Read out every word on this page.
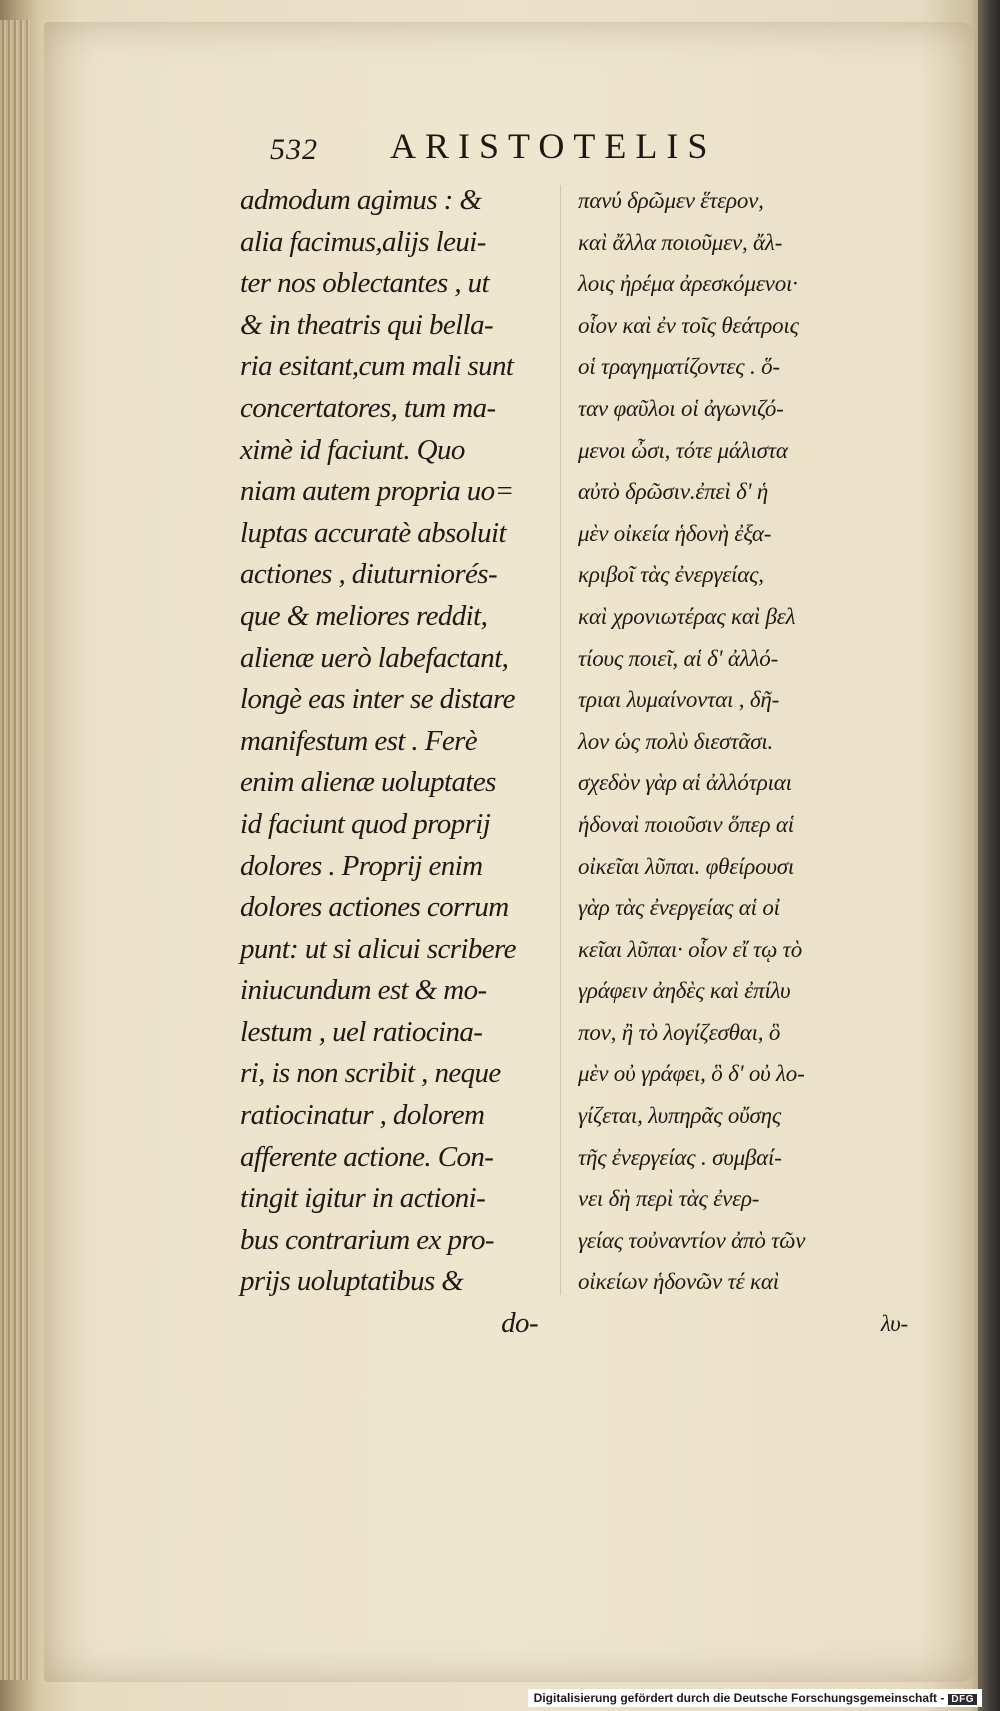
532 ARISTOTELIS
admodum agimus : &
alia facimus,alijs leui-
ter nos oblectantes , ut
& in theatris qui bella-
ria esitant,cum mali sunt
concertatores, tum ma-
ximè id faciunt. Quo
niam autem propria uo=
luptas accuratè absoluit
actiones , diuturniorés-
que & meliores reddit,
alienæ uerò labefactant,
longè eas inter se distare
manifestum est . Ferè
enim alienæ uoluptates
id faciunt quod proprij
dolores . Proprij enim
dolores actiones corrum
punt: ut si alicui scribere
iniucundum est & mo-
lestum , uel ratiocina-
ri, is non scribit , neque
ratiocinatur , dolorem
afferente actione. Con-
tingit igitur in actioni-
bus contrarium ex pro-
prijs uoluptatibus &
do-
πανύ δρῶμεν ἕτερον,
καὶ ἄλλα ποιοῦμεν, ἄλ-
λοις ἠρέμα ἀρεσκόμενοι·
οἷον καὶ ἐν τοῖς θεάτροις
οἱ τραγηματίζοντες . ὅ-
ταν φαῦλοι οἱ ἀγωνιζό-
μενοι ὦσι, τότε μάλιστα
αὐτὸ δρῶσιν.ἐπεὶ δ' ἡ
μὲν οἰκεία ἡδονὴ ἐξα-
κριβοῖ τὰς ἐνεργείας,
καὶ χρονιωτέρας καὶ βελ
τίους ποιεῖ, αἱ δ' ἀλλό-
τριαι λυμαίνονται , δῆ-
λον ὡς πολὺ διεστᾶσι.
σχεδὸν γὰρ αἱ ἀλλότριαι
ἡδοναὶ ποιοῦσιν ὅπερ αἱ
οἰκεῖαι λῦπαι. φθείρουσι
γὰρ τὰς ἐνεργείας αἱ οἰ
κεῖαι λῦπαι· οἷον εἴ τῳ τὸ
γράφειν ἀηδὲς καὶ ἐπίλυ
πον, ἢ τὸ λογίζεσθαι, ὃ
μὲν οὐ γράφει, ὃ δ' οὐ λο-
γίζεται, λυπηρᾶς οὔσης
τῆς ἐνεργείας . συμβαί-
νει δὴ περὶ τὰς ἐνερ-
γείας τοὐναντίον ἀπὸ τῶν
οἰκείων ἡδονῶν τέ καὶ
λυ-
Digitalisierung gefördert durch die Deutsche Forschungsgemeinschaft - DFG
